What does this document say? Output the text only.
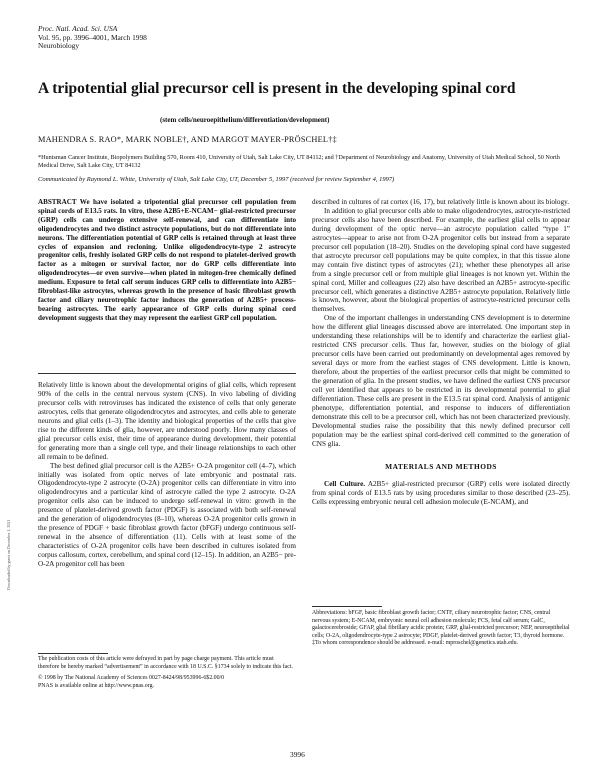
Proc. Natl. Acad. Sci. USA
Vol. 95, pp. 3996–4001, March 1998
Neurobiology
A tripotential glial precursor cell is present in the developing spinal cord
(stem cells/neuroepithelium/differentiation/development)
MAHENDRA S. RAO*, MARK NOBLE†, AND MARGOT MAYER-PRÖSCHEL†‡
*Huntsman Cancer Institute, Biopolymers Building 570, Room 410, University of Utah, Salt Lake City, UT 84112; and †Department of Neurobiology and Anatomy, University of Utah Medical School, 50 North Medical Drive, Salt Lake City, UT 84132
Communicated by Raymond L. White, University of Utah, Salt Lake City, UT, December 5, 1997 (received for review September 4, 1997)
ABSTRACT We have isolated a tripotential glial precursor cell population from spinal cords of E13.5 rats. In vitro, these A2B5+E-NCAM− glial-restricted precursor (GRP) cells can undergo extensive self-renewal, and can differentiate into oligodendrocytes and two distinct astrocyte populations, but do not differentiate into neurons. The differentiation potential of GRP cells is retained through at least three cycles of expansion and recloning. Unlike oligodendrocyte-type 2 astrocyte progenitor cells, freshly isolated GRP cells do not respond to platelet-derived growth factor as a mitogen or survival factor, nor do GRP cells differentiate into oligodendrocytes—or even survive—when plated in mitogen-free chemically defined medium. Exposure to fetal calf serum induces GRP cells to differentiate into A2B5− fibroblast-like astrocytes, whereas growth in the presence of basic fibroblast growth factor and ciliary neurotrophic factor induces the generation of A2B5+ process-bearing astrocytes. The early appearance of GRP cells during spinal cord development suggests that they may represent the earliest GRP cell population.

Relatively little is known about the developmental origins of glial cells, which represent 90% of the cells in the central nervous system (CNS). In vivo labeling of dividing precursor cells with retroviruses has indicated the existence of cells that only generate astrocytes, cells that generate oligodendrocytes and astrocytes, and cells able to generate neurons and glial cells (1–3). The identity and biological properties of the cells that give rise to the different kinds of glia, however, are understood poorly. How many classes of glial precursor cells exist, their time of appearance during development, their potential for generating more than a single cell type, and their lineage relationships to each other all remain to be defined.

The best defined glial precursor cell is the A2B5+ O-2A progenitor cell (4–7), which initially was isolated from optic nerves of late embryonic and postnatal rats. Oligodendrocyte-type 2 astrocyte (O-2A) progenitor cells can differentiate in vitro into oligodendrocytes and a particular kind of astrocyte called the type 2 astrocyte. O-2A progenitor cells also can be induced to undergo self-renewal in vitro: growth in the presence of platelet-derived growth factor (PDGF) is associated with both self-renewal and the generation of oligodendrocytes (8–10), whereas O-2A progenitor cells grown in the presence of PDGF + basic fibroblast growth factor (bFGF) undergo continuous self-renewal in the absence of differentiation (11). Cells with at least some of the characteristics of O-2A progenitor cells have been described in cultures isolated from corpus callosum, cortex, cerebellum, and spinal cord (12–15). In addition, an A2B5− pre-O-2A progenitor cell has been

described in cultures of rat cortex (16, 17), but relatively little is known about its biology.

In addition to glial precursor cells able to make oligodendrocytes, astrocyte-restricted precursor cells also have been described. For example, the earliest glial cells to appear during development of the optic nerve—an astrocyte population called “type 1” astrocytes—appear to arise not from O-2A progenitor cells but instead from a separate precursor cell population (18–20). Studies on the developing spinal cord have suggested that astrocyte precursor cell populations may be quite complex, in that this tissue alone may contain five distinct types of astrocytes (21); whether these phenotypes all arise from a single precursor cell or from multiple glial lineages is not known yet. Within the spinal cord, Miller and colleagues (22) also have described an A2B5+ astrocyte-specific precursor cell, which generates a distinctive A2B5+ astrocyte population. Relatively little is known, however, about the biological properties of astrocyte-restricted precursor cells themselves.

One of the important challenges in understanding CNS development is to determine how the different glial lineages discussed above are interrelated. One important step in understanding these relationships will be to identify and characterize the earliest glial-restricted CNS precursor cells. Thus far, however, studies on the biology of glial precursor cells have been carried out predominantly on developmental ages removed by several days or more from the earliest stages of CNS development. Little is known, therefore, about the properties of the earliest precursor cells that might be committed to the generation of glia. In the present studies, we have defined the earliest CNS precursor cell yet identified that appears to be restricted in its developmental potential to glial differentiation. These cells are present in the E13.5 rat spinal cord. Analysis of antigenic phenotype, differentiation potential, and response to inducers of differentiation demonstrate this cell to be a precursor cell, which has not been characterized previously. Developmental studies raise the possibility that this newly defined precursor cell population may be the earliest spinal cord-derived cell committed to the generation of CNS glia.

MATERIALS AND METHODS

Cell Culture. A2B5+ glial-restricted precursor (GRP) cells were isolated directly from spinal cords of E13.5 rats by using procedures similar to those described (23–25). Cells expressing embryonic neural cell adhesion molecule (E-NCAM), and

The publication costs of this article were defrayed in part by page charge payment. This article must therefore be hereby marked “advertisement” in accordance with 18 U.S.C. §1734 solely to indicate this fact.
© 1998 by The National Academy of Sciences 0027-8424/98/953996-6$2.00/0
PNAS is available online at http://www.pnas.org.
Abbreviations: bFGF, basic fibroblast growth factor; CNTF, ciliary neurotrophic factor; CNS, central nervous system; E-NCAM, embryonic neural cell adhesion molecule; FCS, fetal calf serum; GalC, galactocerebroside; GFAP, glial fibrillary acidic protein; GRP, glial-restricted precursor; NEP, neuroepithelial cells; O-2A, oligodendrocyte-type 2 astrocyte; PDGF, platelet-derived growth factor; T3, thyroid hormone.
‡To whom correspondence should be addressed. e-mail: mproschel@genetics.utah.edu.
3996
Downloaded by guest on December 1, 2021
